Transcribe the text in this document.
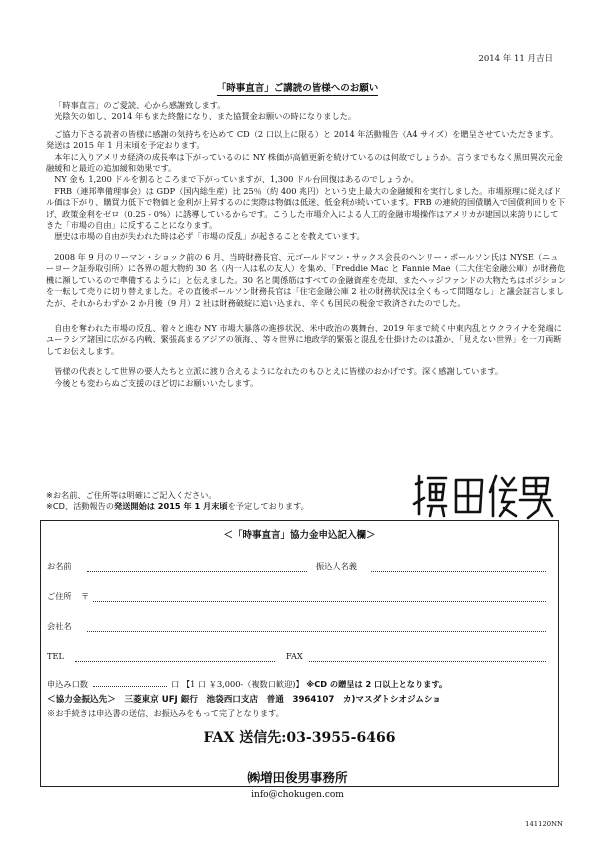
2014 年 11 月吉日
「時事直言」ご講読の皆様へのお願い

「時事直言」のご愛読、心から感謝致します。

光陰矢の如し、2014 年もまた終盤になり、また協賛金お願いの時になりました。

ご協力下さる読者の皆様に感謝の気持ちを込めて CD（2 口以上に限る）と 2014 年活動報告（A4 サイズ）を贈呈させていただきます。発送は 2015 年 1 月末頃を予定おります。

本年に入りアメリカ経済の成長率は下がっているのに NY 株価が高値更新を続けているのは何故でしょうか。言うまでもなく黒田異次元金融緩和と最近の追加緩和効果です。

NY 金も 1,200 ドルを割るところまで下がっていますが、1,300 ドル台回復はあるのでしょうか。

FRB（連邦準備理事会）は GDP（国内総生産）比 25％（約 400 兆円）という史上最大の金融緩和を実行しました。市場原理に従えばドル価は下がり、購買力低下で物価と金利が上昇するのに実際は物価は低迷、低金利が続いています。FRB の連続的国債購入で国債利回りを下げ、政策金利をゼロ（0.25 - 0%）に誘導しているからです。こうした市場介入による人工的金融市場操作はアメリカが建国以来誇りにしてきた「市場の自由」に反することになります。

歴史は市場の自由が失われた時は必ず「市場の反乱」が起きることを教えています。

2008 年 9 月のリーマン・ショック前の 6 月、当時財務長官、元ゴールドマン・サックス会長のヘンリー・ポールソン氏は NYSE（ニューヨーク証券取引所）に各界の超大物約 30 名（内一人は私の友人）を集め、「Freddie Mac と Fannie Mae（二大住宅金融公庫）が財務危機に瀕しているので準備するように」と伝えました。30 名と関係筋はすべての金融資産を売却、またヘッジファンドの大物たちはポジションを一転して売りに切り替えました。その直後ポールソン財務長官は「住宅金融公庫 2 社の財務状況は全くもって問題なし」と議会証言しましたが、それからわずか 2 か月後（9 月）2 社は財務破綻に追い込まれ、辛くも国民の税金で救済されたのでした。

自由を奪われた市場の反乱、着々と進む NY 市場大暴落の進捗状況、米中政治の裏舞台、2019 年まで続く中東内乱とウクライナを発端にユーラシア諸国に広がる内戦、緊張高まるアジアの領海、、等々世界に地政学的緊張と混乱を仕掛けたのは誰か、「見えない世界」を一刀両断してお伝えします。

皆様の代表として世界の要人たちと立派に渡り合えるようになれたのもひとえに皆様のおかげです。深く感謝しています。

今後とも変わらぬご支援のほど切にお願いいたします。

※お名前、ご住所等は明確にご記入ください。
※CD、活動報告の発送開始は 2015 年 1 月末頃を予定しております。
＜「時事直言」協力金申込記入欄＞
お名前	振込人名義
ご住所 〒
会社名
TEL	FAX
申込み口数	口 【1 口 ￥3,000-（複数口歓迎)】 ※CD の贈呈は 2 口以上となります。
＜協力金振込先＞　三菱東京 UFJ 銀行　池袋西口支店　普通　3964107　カ)マスダトシオジムショ
※お手続きは申込書の送信、お振込みをもって完了となります。
FAX 送信先:03-3955-6466
㈱増田俊男事務所
info@chokugen.com
141120NN
